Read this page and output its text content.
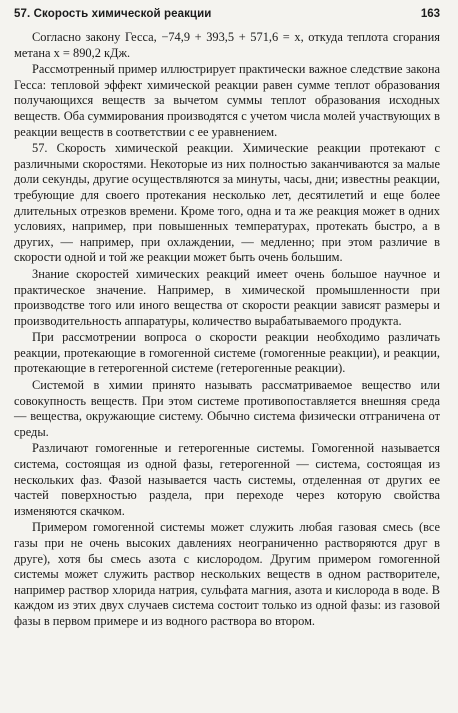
57. Скорость химической реакции	163

Согласно закону Гесса, −74,9 + 393,5 + 571,6 = x, откуда теплота сгорания метана x = 890,2 кДж.

Рассмотренный пример иллюстрирует практически важное следствие закона Гесса: тепловой эффект химической реакции равен сумме теплот образования получающихся веществ за вычетом суммы теплот образования исходных веществ. Оба суммирования производятся с учетом числа молей участвующих в реакции веществ в соответствии с ее уравнением.

57. Скорость химической реакции. Химические реакции протекают с различными скоростями. Некоторые из них полностью заканчиваются за малые доли секунды, другие осуществляются за минуты, часы, дни; известны реакции, требующие для своего протекания несколько лет, десятилетий и еще более длительных отрезков времени. Кроме того, одна и та же реакция может в одних условиях, например, при повышенных температурах, протекать быстро, а в других, — например, при охлаждении, — медленно; при этом различие в скорости одной и той же реакции может быть очень большим.

Знание скоростей химических реакций имеет очень большое научное и практическое значение. Например, в химической промышленности при производстве того или иного вещества от скорости реакции зависят размеры и производительность аппаратуры, количество вырабатываемого продукта.

При рассмотрении вопроса о скорости реакции необходимо различать реакции, протекающие в гомогенной системе (гомогенные реакции), и реакции, протекающие в гетерогенной системе (гетерогенные реакции).

Системой в химии принято называть рассматриваемое вещество или совокупность веществ. При этом системе противопоставляется внешняя среда — вещества, окружающие систему. Обычно система физически отграничена от среды.

Различают гомогенные и гетерогенные системы. Гомогенной называется система, состоящая из одной фазы, гетерогенной — система, состоящая из нескольких фаз. Фазой называется часть системы, отделенная от других ее частей поверхностью раздела, при переходе через которую свойства изменяются скачком.

Примером гомогенной системы может служить любая газовая смесь (все газы при не очень высоких давлениях неограниченно растворяются друг в друге), хотя бы смесь азота с кислородом. Другим примером гомогенной системы может служить раствор нескольких веществ в одном растворителе, например раствор хлорида натрия, сульфата магния, азота и кислорода в воде. В каждом из этих двух случаев система состоит только из одной фазы: из газовой фазы в первом примере и из водного раствора во втором.
